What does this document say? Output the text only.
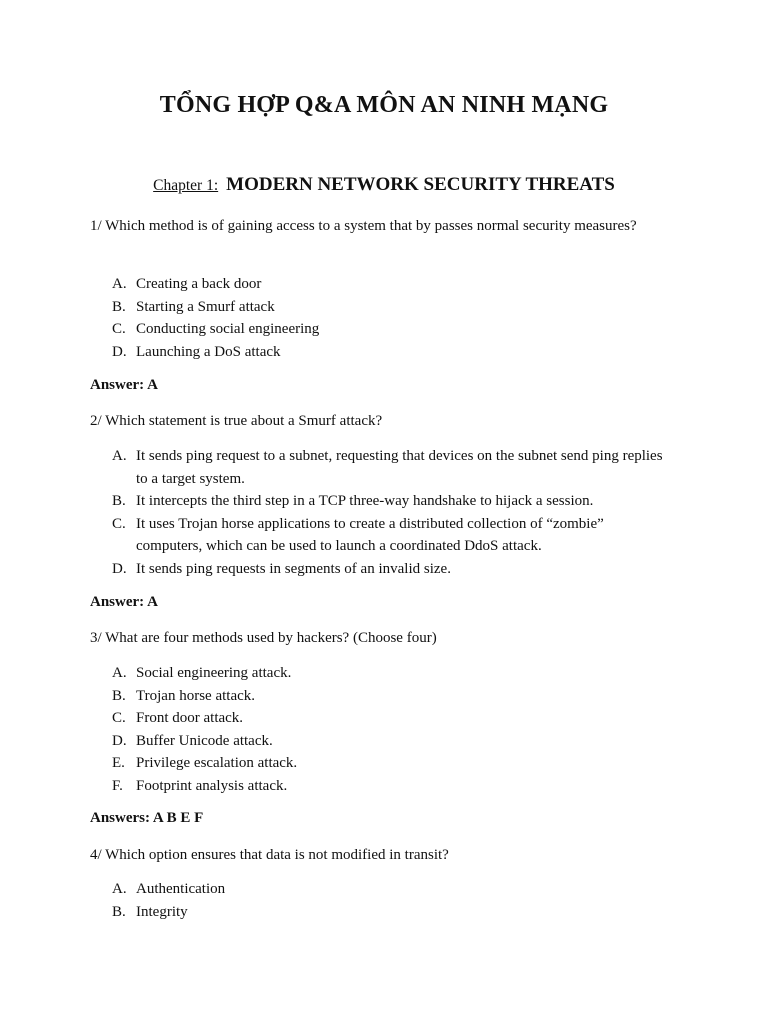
TỔNG HỢP Q&A MÔN AN NINH MẠNG
Chapter 1: MODERN NETWORK SECURITY THREATS
1/ Which method is of gaining access to a system that by passes normal security measures?
A. Creating a back door
B. Starting a Smurf attack
C. Conducting social engineering
D. Launching a DoS attack
Answer: A
2/ Which statement is true about a Smurf attack?
A. It sends ping request to a subnet, requesting that devices on the subnet send ping replies to a target system.
B. It intercepts the third step in a TCP three-way handshake to hijack a session.
C. It uses Trojan horse applications to create a distributed collection of “zombie” computers, which can be used to launch a coordinated DdoS attack.
D. It sends ping requests in segments of an invalid size.
Answer: A
3/ What are four methods used by hackers? (Choose four)
A. Social engineering attack.
B. Trojan horse attack.
C. Front door attack.
D. Buffer Unicode attack.
E. Privilege escalation attack.
F. Footprint analysis attack.
Answers: A B E F
4/ Which option ensures that data is not modified in transit?
A. Authentication
B. Integrity
